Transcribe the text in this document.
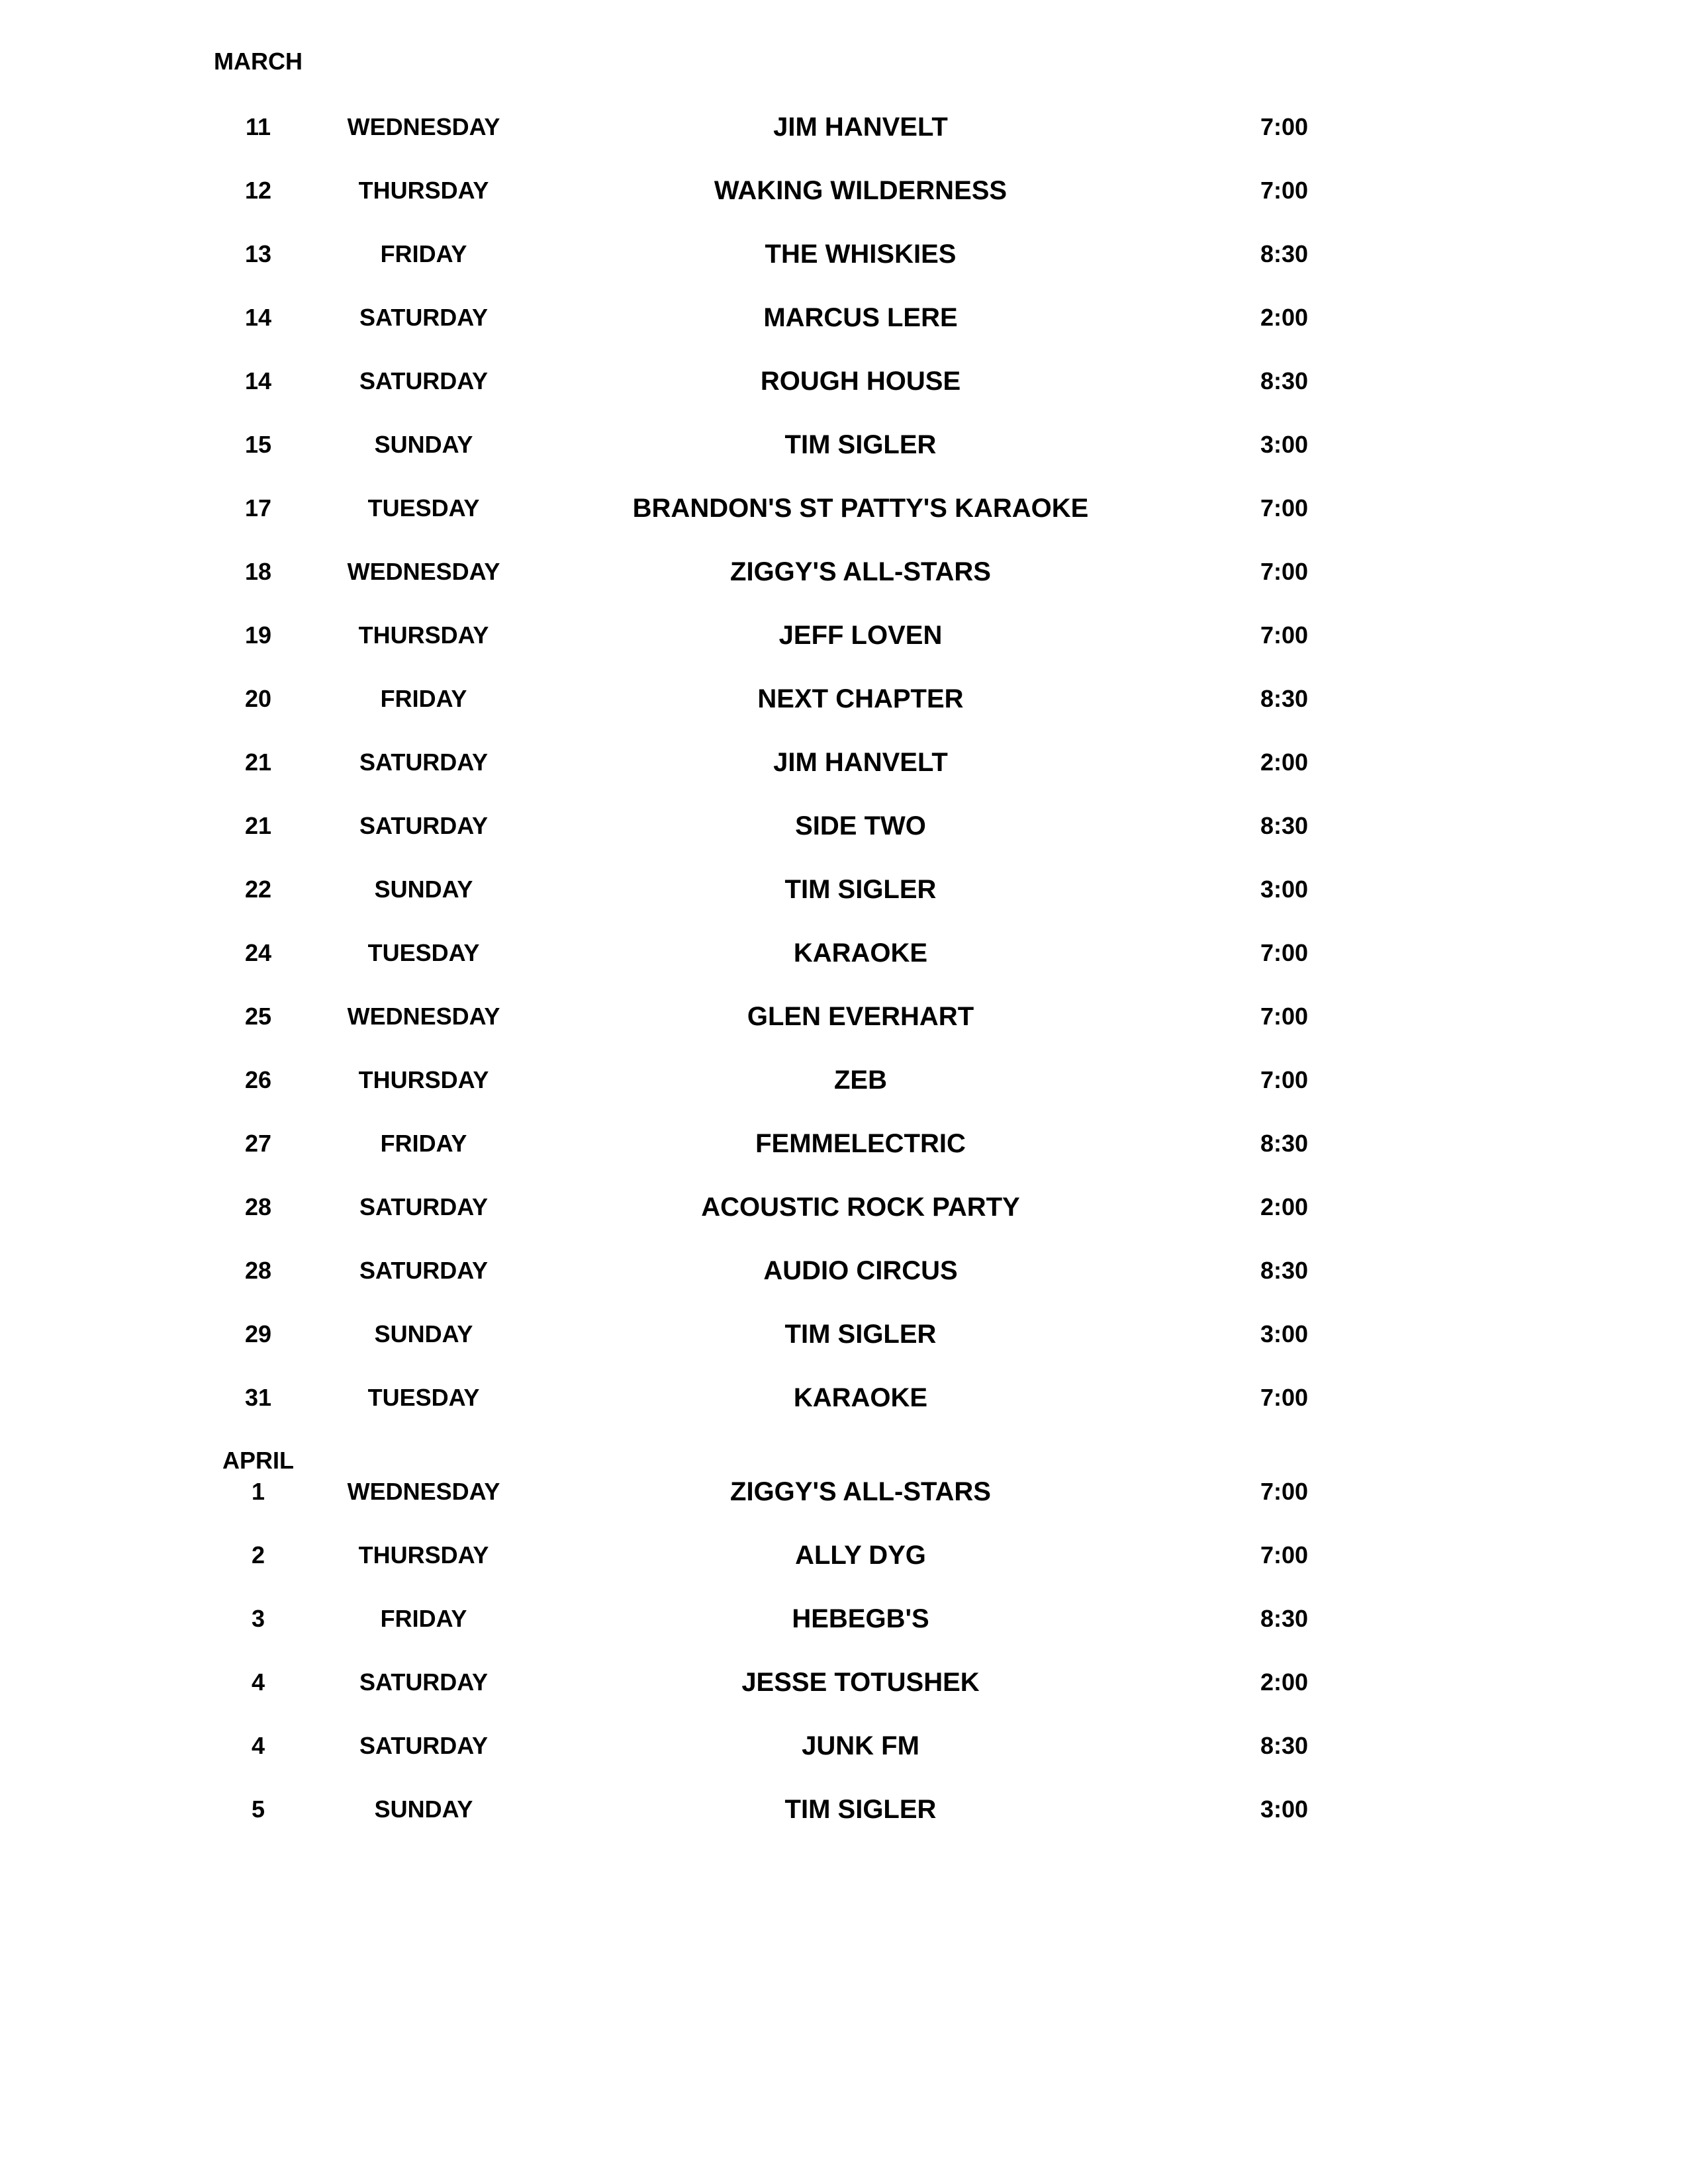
MARCH
APRIL
11	WEDNESDAY	JIM HANVELT	7:00
12	THURSDAY	WAKING WILDERNESS	7:00
13	FRIDAY	THE WHISKIES	8:30
14	SATURDAY	MARCUS LERE	2:00
14	SATURDAY	ROUGH HOUSE	8:30
15	SUNDAY	TIM SIGLER	3:00
17	TUESDAY	BRANDON'S ST PATTY'S KARAOKE	7:00
18	WEDNESDAY	ZIGGY'S ALL-STARS	7:00
19	THURSDAY	JEFF LOVEN	7:00
20	FRIDAY	NEXT CHAPTER	8:30
21	SATURDAY	JIM HANVELT	2:00
21	SATURDAY	SIDE TWO	8:30
22	SUNDAY	TIM SIGLER	3:00
24	TUESDAY	KARAOKE	7:00
25	WEDNESDAY	GLEN EVERHART	7:00
26	THURSDAY	ZEB	7:00
27	FRIDAY	FEMMELECTRIC	8:30
28	SATURDAY	ACOUSTIC ROCK PARTY	2:00
28	SATURDAY	AUDIO CIRCUS	8:30
29	SUNDAY	TIM SIGLER	3:00
31	TUESDAY	KARAOKE	7:00
1	WEDNESDAY	ZIGGY'S ALL-STARS	7:00
2	THURSDAY	ALLY DYG	7:00
3	FRIDAY	HEBEGB'S	8:30
4	SATURDAY	JESSE TOTUSHEK	2:00
4	SATURDAY	JUNK FM	8:30
5	SUNDAY	TIM SIGLER	3:00
